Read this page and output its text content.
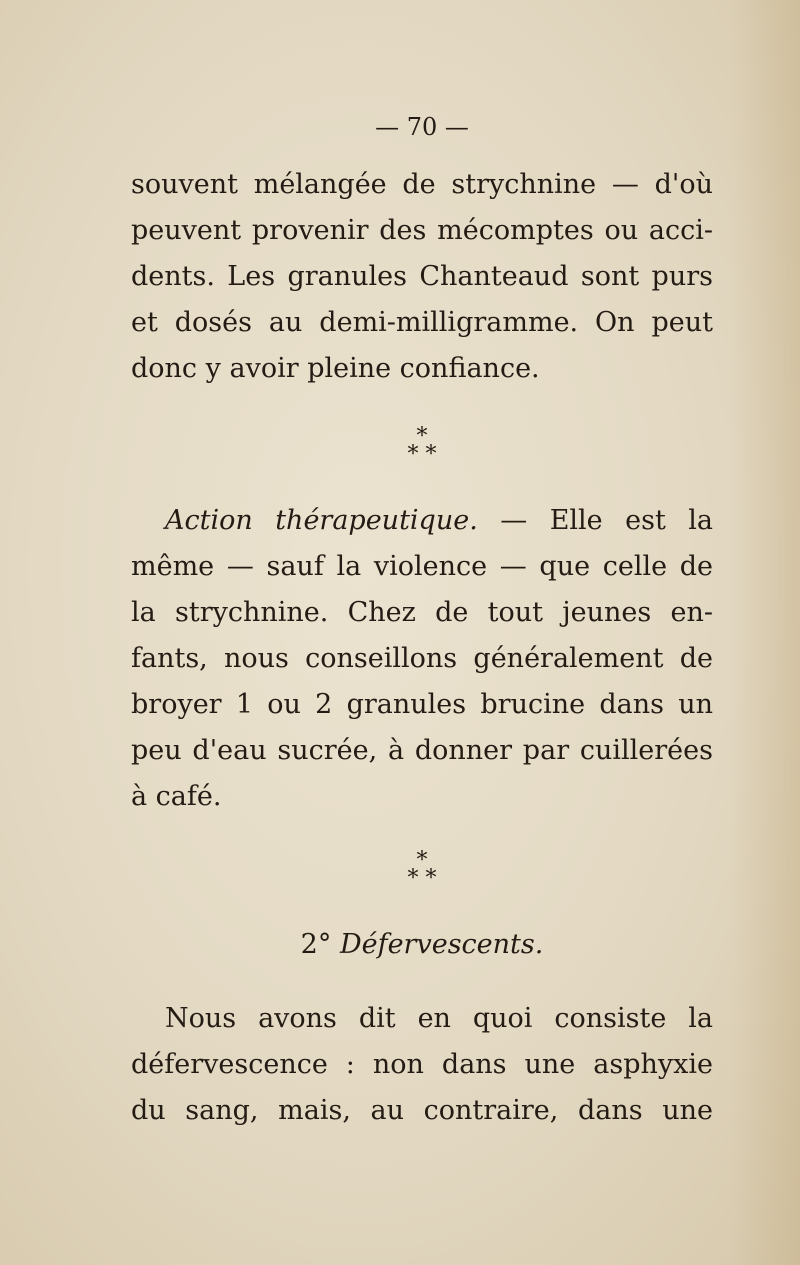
— 70 —
souvent mélangée de strychnine — d'où
peuvent provenir des mécomptes ou acci-
dents. Les granules Chanteaud sont purs
et dosés au demi-milligramme. On peut
donc y avoir pleine confiance.
*
* *
Action thérapeutique. — Elle est la
même — sauf la violence — que celle de
la strychnine. Chez de tout jeunes en-
fants, nous conseillons généralement de
broyer 1 ou 2 granules brucine dans un
peu d'eau sucrée, à donner par cuillerées
à café.
*
* *
2° Défervescents.
Nous avons dit en quoi consiste la
défervescence : non dans une asphyxie
du sang, mais, au contraire, dans une
